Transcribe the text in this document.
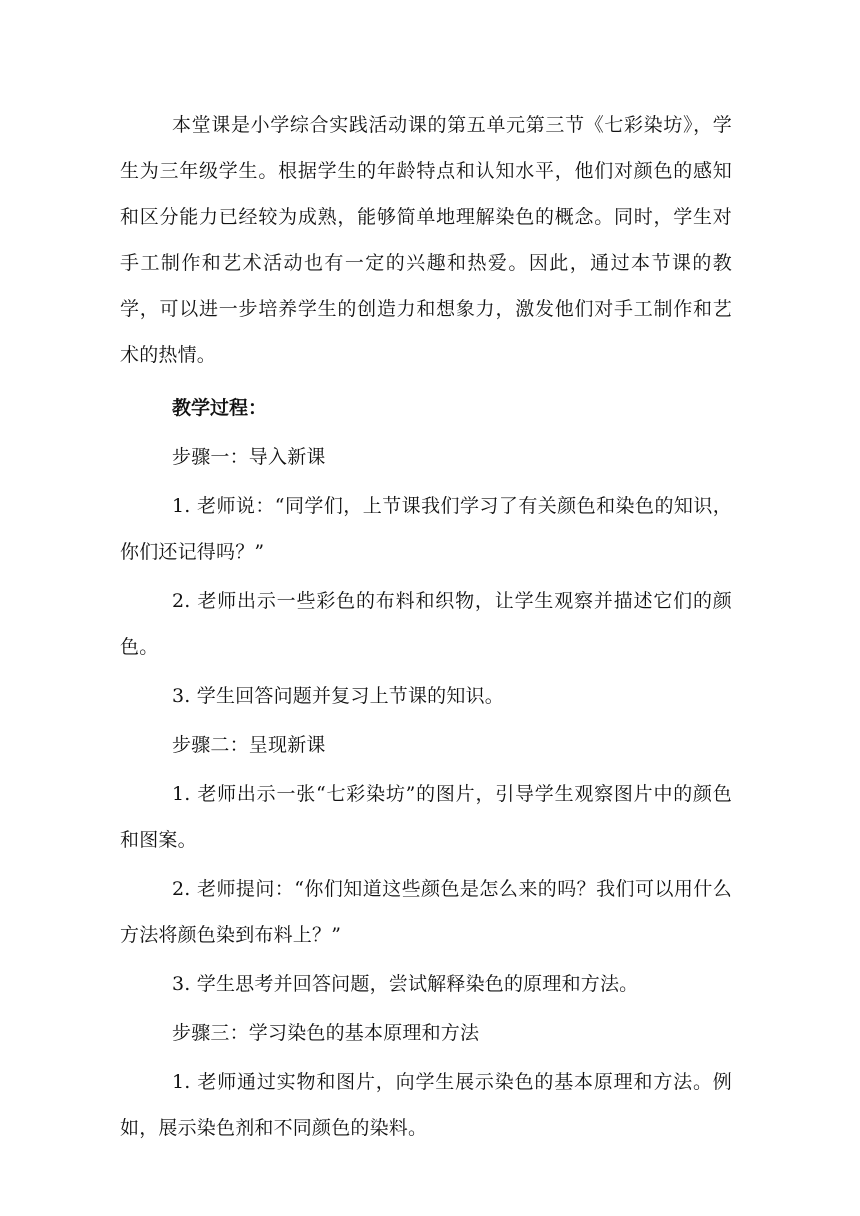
本堂课是小学综合实践活动课的第五单元第三节《七彩染坊》，学生为三年级学生。根据学生的年龄特点和认知水平，他们对颜色的感知和区分能力已经较为成熟，能够简单地理解染色的概念。同时，学生对手工制作和艺术活动也有一定的兴趣和热爱。因此，通过本节课的教学，可以进一步培养学生的创造力和想象力，激发他们对手工制作和艺术的热情。

教学过程：

步骤一：导入新课

1. 老师说：“同学们，上节课我们学习了有关颜色和染色的知识，你们还记得吗？”

2. 老师出示一些彩色的布料和织物，让学生观察并描述它们的颜色。

3. 学生回答问题并复习上节课的知识。

步骤二：呈现新课

1. 老师出示一张“七彩染坊”的图片，引导学生观察图片中的颜色和图案。

2. 老师提问：“你们知道这些颜色是怎么来的吗？我们可以用什么方法将颜色染到布料上？”

3. 学生思考并回答问题，尝试解释染色的原理和方法。

步骤三：学习染色的基本原理和方法

1. 老师通过实物和图片，向学生展示染色的基本原理和方法。例如，展示染色剂和不同颜色的染料。
